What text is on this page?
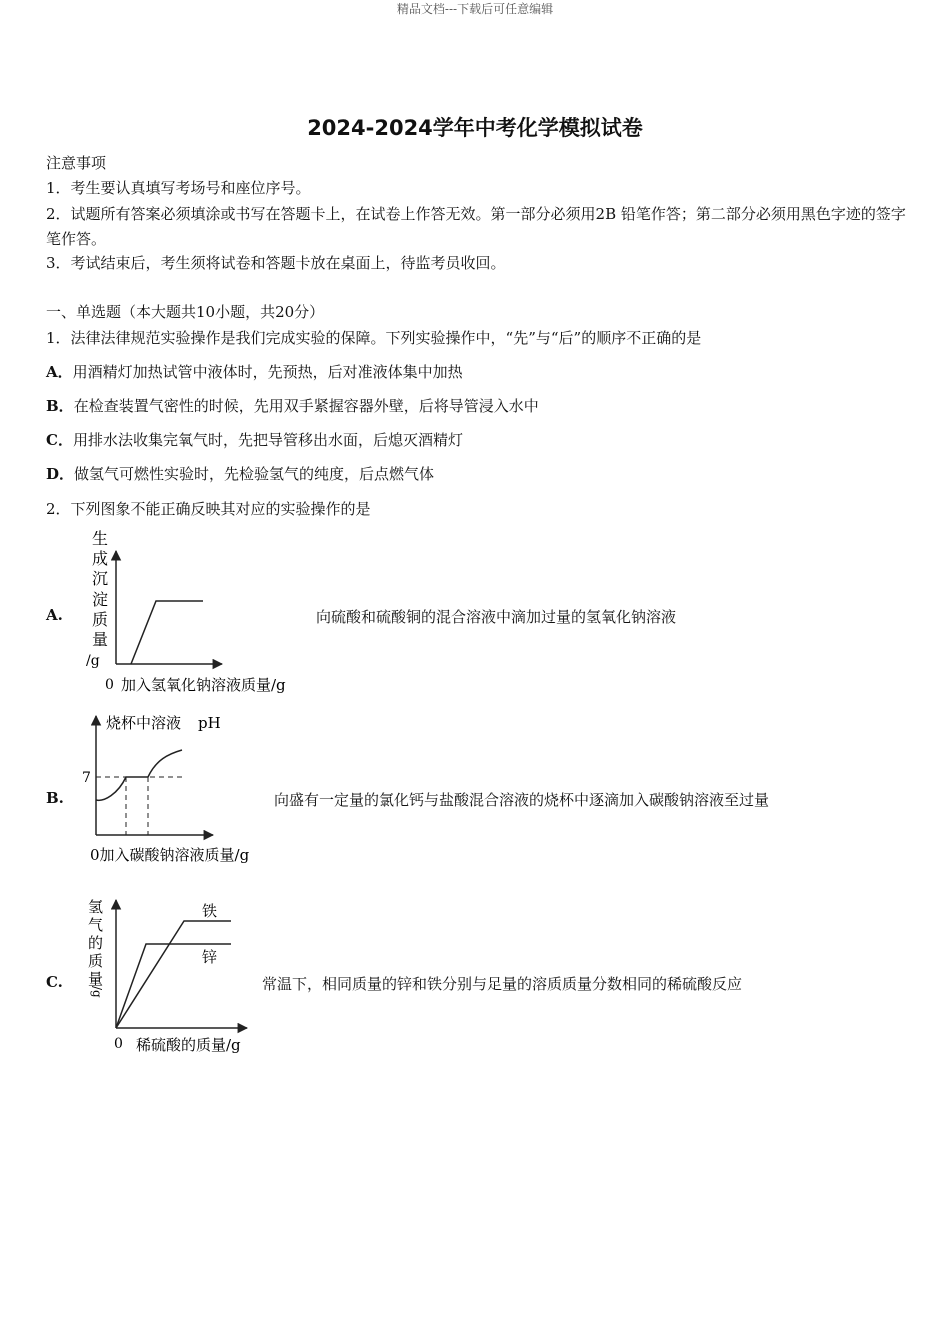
精品文档---下载后可任意编辑
2024-2024学年中考化学模拟试卷
注意事项
1．考生要认真填写考场号和座位序号。
2．试题所有答案必须填涂或书写在答题卡上，在试卷上作答无效。第一部分必须用2B 铅笔作答；第二部分必须用黑色字迹的签字笔作答。
3．考试结束后，考生须将试卷和答题卡放在桌面上，待监考员收回。
一、单选题（本大题共10小题，共20分）
1．法律法律规范实验操作是我们完成实验的保障。下列实验操作中，“先”与“后”的顺序不正确的是
A．用酒精灯加热试管中液体时，先预热，后对准液体集中加热
B．在检查装置气密性的时候，先用双手紧握容器外壁，后将导管浸入水中
C．用排水法收集完氧气时，先把导管移出水面，后熄灭酒精灯
D．做氢气可燃性实验时，先检验氢气的纯度，后点燃气体
2．下列图象不能正确反映其对应的实验操作的是
A.	向硫酸和硫酸铜的混合溶液中滴加过量的氢氧化钠溶液
生
成
沉
淀
质
量
/g
0 加入氢氧化钠溶液质量/g
B.	向盛有一定量的氯化钙与盐酸混合溶液的烧杯中逐滴加入碳酸钠溶液至过量
烧杯中溶液 pH
7
0加入碳酸钠溶液质量/g
C.	常温下，相同质量的锌和铁分别与足量的溶质质量分数相同的稀硫酸反应
铁
锌
氢
气
的
质
量
/g
0 稀硫酸的质量/g
